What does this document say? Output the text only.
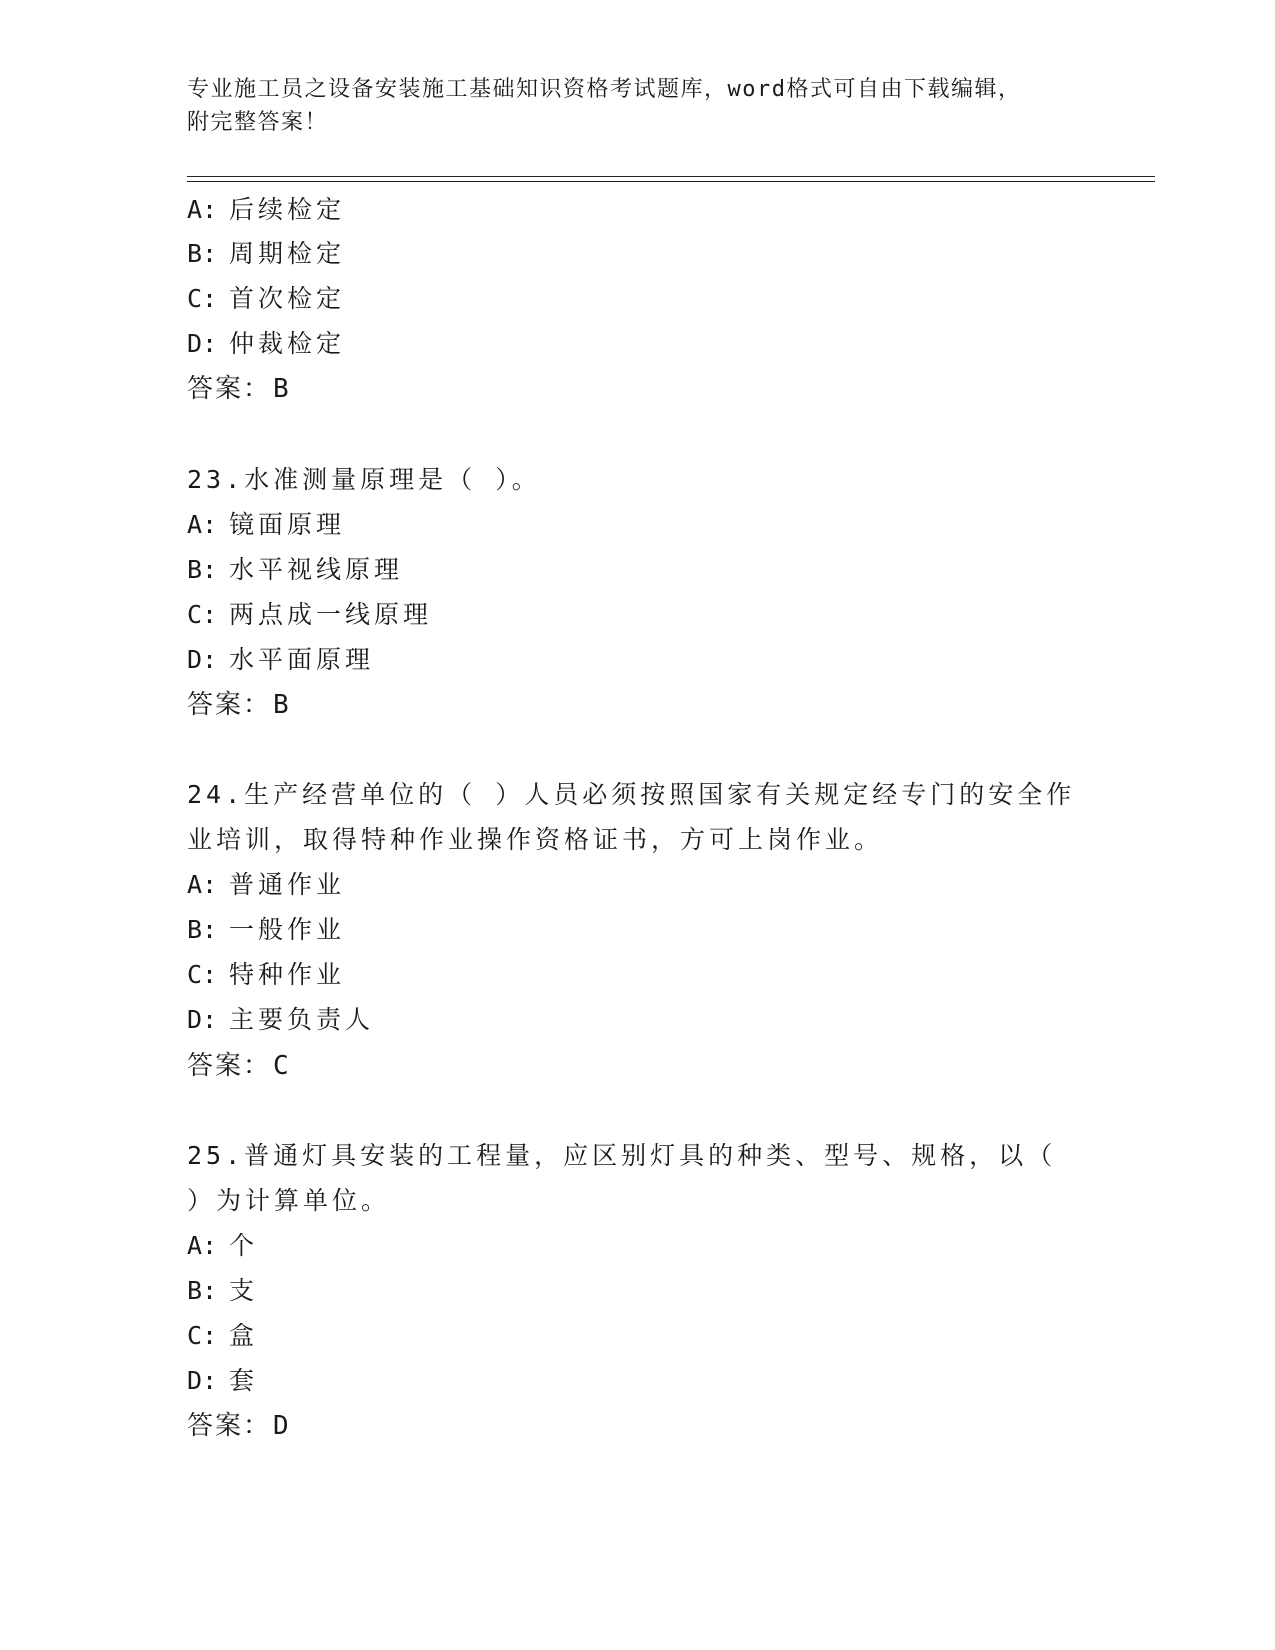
专业施工员之设备安装施工基础知识资格考试题库，word格式可自由下载编辑，
附完整答案！
A: 后续检定
B: 周期检定
C: 首次检定
D: 仲裁检定
答案：B
23.水准测量原理是（ ）。
A: 镜面原理
B: 水平视线原理
C: 两点成一线原理
D: 水平面原理
答案：B
24.生产经营单位的（ ）人员必须按照国家有关规定经专门的安全作
业培训，取得特种作业操作资格证书，方可上岗作业。
A: 普通作业
B: 一般作业
C: 特种作业
D: 主要负责人
答案：C
25.普通灯具安装的工程量，应区别灯具的种类、型号、规格，以（
）为计算单位。
A: 个
B: 支
C: 盒
D: 套
答案：D
